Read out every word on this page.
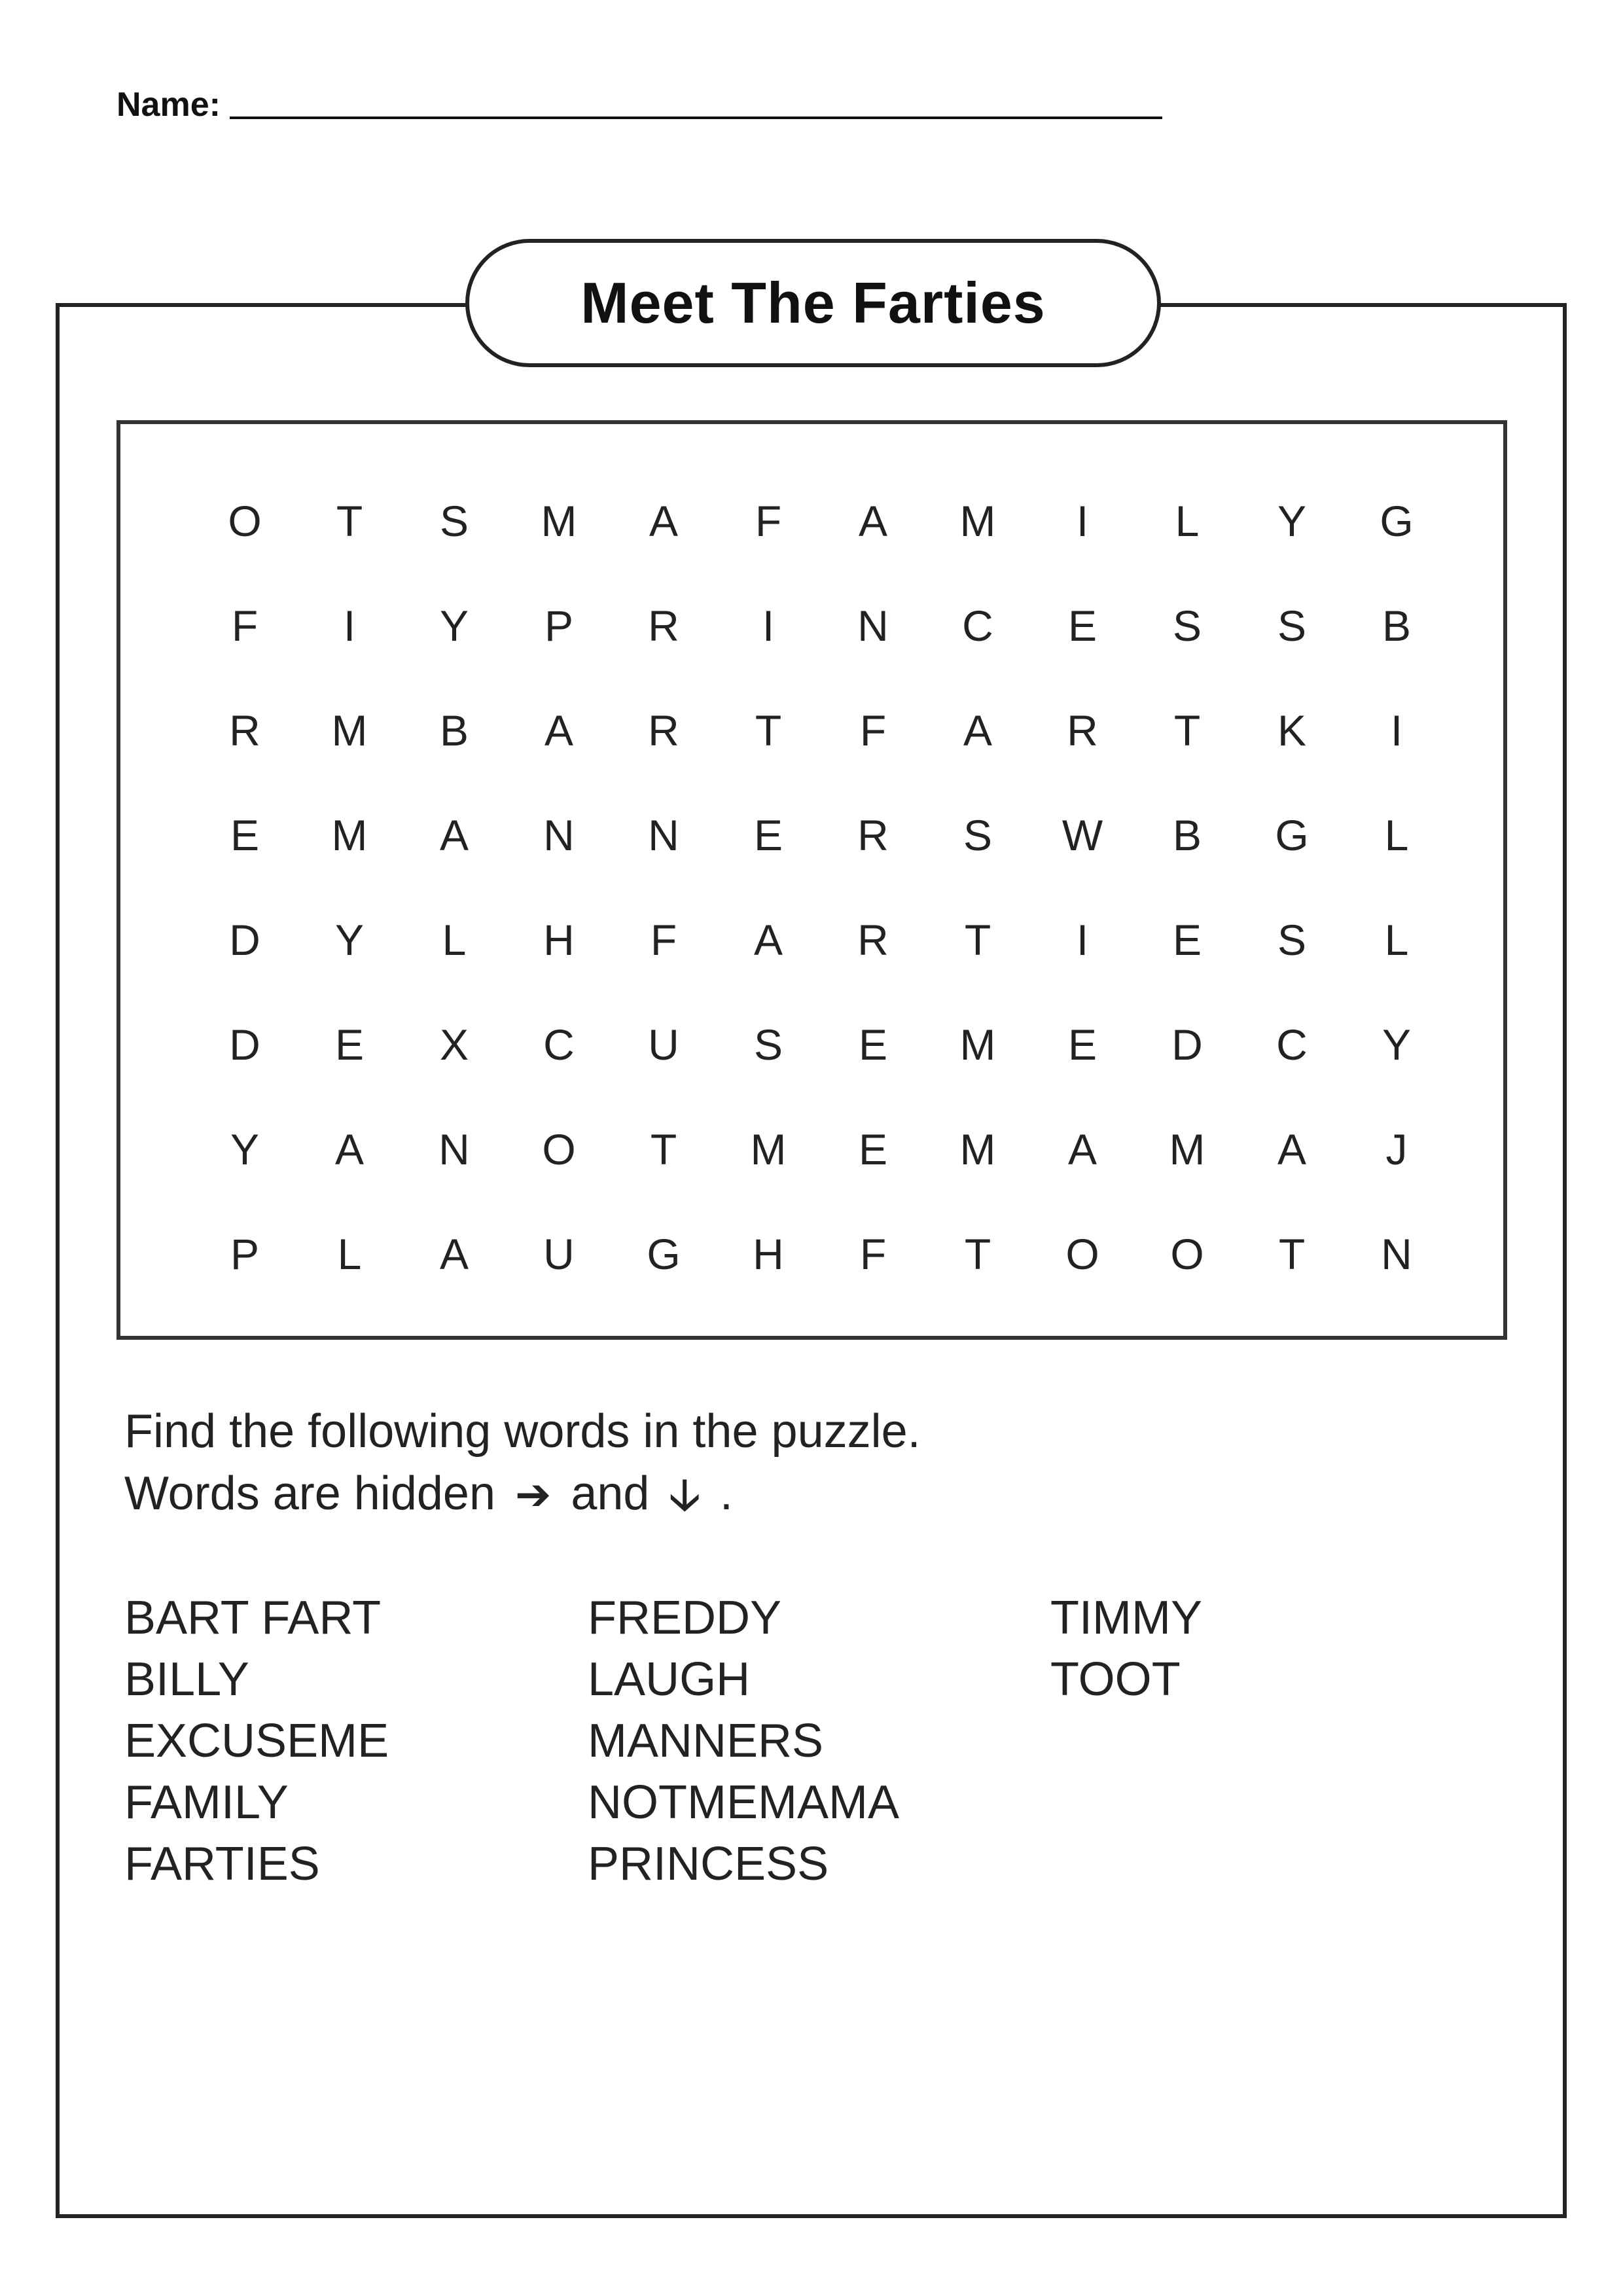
Name:
Meet The Farties
O	T	S	M	A	F	A	M	I	L	Y	G
F	I	Y	P	R	I	N	C	E	S	S	B
R	M	B	A	R	T	F	A	R	T	K	I
E	M	A	N	N	E	R	S	W	B	G	L
D	Y	L	H	F	A	R	T	I	E	S	L
D	E	X	C	U	S	E	M	E	D	C	Y
Y	A	N	O	T	M	E	M	A	M	A	J
P	L	A	U	G	H	F	T	O	O	T	N
Find the following words in the puzzle.
Words are hidden ➔ and 🡣 .
BART FART
BILLY
EXCUSEME
FAMILY
FARTIES
FREDDY
LAUGH
MANNERS
NOTMEMAMA
PRINCESS
TIMMY
TOOT
